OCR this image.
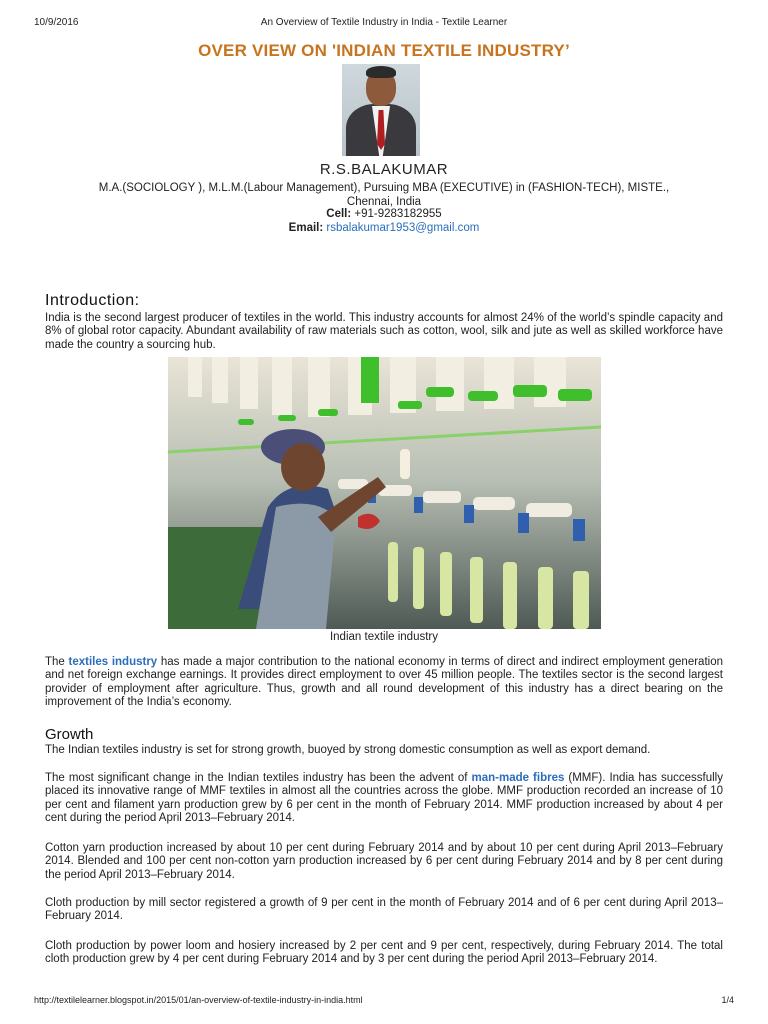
10/9/2016	An Overview of Textile Industry in India - Textile Learner
OVER VIEW ON 'INDIAN TEXTILE INDUSTRY’
R.S.BALAKUMAR
M.A.(SOCIOLOGY ), M.L.M.(Labour Management), Pursuing MBA (EXECUTIVE) in (FASHION-TECH), MISTE.,
Chennai, India
Cell: +91-9283182955
Email: rsbalakumar1953@gmail.com
Introduction:

India is the second largest producer of textiles in the world. This industry accounts for almost 24% of the world’s spindle capacity and 8% of global rotor capacity. Abundant availability of raw materials such as cotton, wool, silk and jute as well as skilled workforce have made the country a sourcing hub.

Indian textile industry

The textiles industry has made a major contribution to the national economy in terms of direct and indirect employment generation and net foreign exchange earnings. It provides direct employment to over 45 million people. The textiles sector is the second largest provider of employment after agriculture. Thus, growth and all round development of this industry has a direct bearing on the improvement of the India’s economy.

Growth

The Indian textiles industry is set for strong growth, buoyed by strong domestic consumption as well as export demand.

The most significant change in the Indian textiles industry has been the advent of man-made fibres (MMF). India has successfully placed its innovative range of MMF textiles in almost all the countries across the globe. MMF production recorded an increase of 10 per cent and filament yarn production grew by 6 per cent in the month of February 2014. MMF production increased by about 4 per cent during the period April 2013–February 2014.

Cotton yarn production increased by about 10 per cent during February 2014 and by about 10 per cent during April 2013–February 2014. Blended and 100 per cent non-cotton yarn production increased by 6 per cent during February 2014 and by 8 per cent during the period April 2013–February 2014.

Cloth production by mill sector registered a growth of 9 per cent in the month of February 2014 and of 6 per cent during April 2013–February 2014.

Cloth production by power loom and hosiery increased by 2 per cent and 9 per cent, respectively, during February 2014. The total cloth production grew by 4 per cent during February 2014 and by 3 per cent during the period April 2013–February 2014.

http://textilelearner.blogspot.in/2015/01/an-overview-of-textile-industry-in-india.html	1/4
